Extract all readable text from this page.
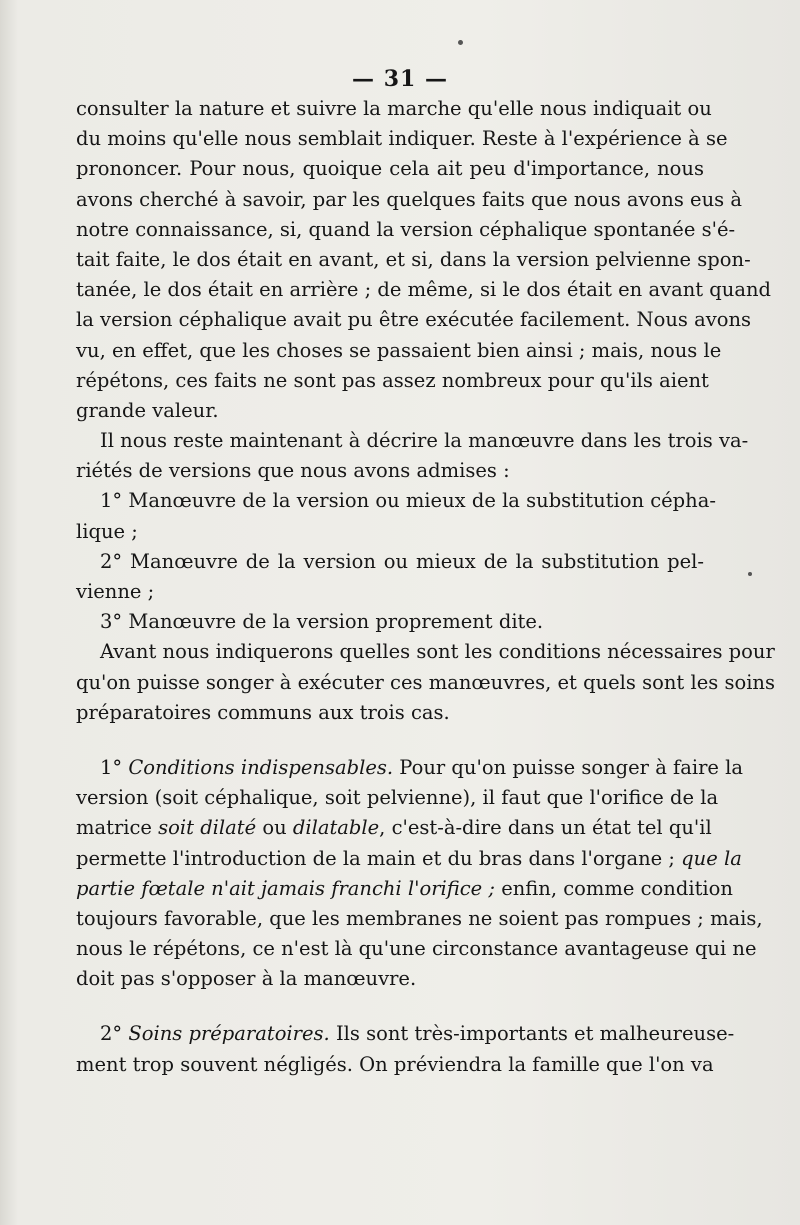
— 31 —
consulter la nature et suivre la marche qu'elle nous indiquait ou
du moins qu'elle nous semblait indiquer. Reste à l'expérience à se
prononcer. Pour nous, quoique cela ait peu d'importance, nous
avons cherché à savoir, par les quelques faits que nous avons eus à
notre connaissance, si, quand la version céphalique spontanée s'é-
tait faite, le dos était en avant, et si, dans la version pelvienne spon-
tanée, le dos était en arrière ; de même, si le dos était en avant quand
la version céphalique avait pu être exécutée facilement. Nous avons
vu, en effet, que les choses se passaient bien ainsi ; mais, nous le
répétons, ces faits ne sont pas assez nombreux pour qu'ils aient
grande valeur.
Il nous reste maintenant à décrire la manœuvre dans les trois va-
riétés de versions que nous avons admises :
1° Manœuvre de la version ou mieux de la substitution cépha-
lique ;
2° Manœuvre de la version ou mieux de la substitution pel-
vienne ;
3° Manœuvre de la version proprement dite.
Avant nous indiquerons quelles sont les conditions nécessaires pour
qu'on puisse songer à exécuter ces manœuvres, et quels sont les soins
préparatoires communs aux trois cas.
1° Conditions indispensables. Pour qu'on puisse songer à faire la
version (soit céphalique, soit pelvienne), il faut que l'orifice de la
matrice soit dilaté ou dilatable, c'est-à-dire dans un état tel qu'il
permette l'introduction de la main et du bras dans l'organe ; que la
partie fœtale n'ait jamais franchi l'orifice ; enfin, comme condition
toujours favorable, que les membranes ne soient pas rompues ; mais,
nous le répétons, ce n'est là qu'une circonstance avantageuse qui ne
doit pas s'opposer à la manœuvre.
2° Soins préparatoires. Ils sont très-importants et malheureuse-
ment trop souvent négligés. On préviendra la famille que l'on va
